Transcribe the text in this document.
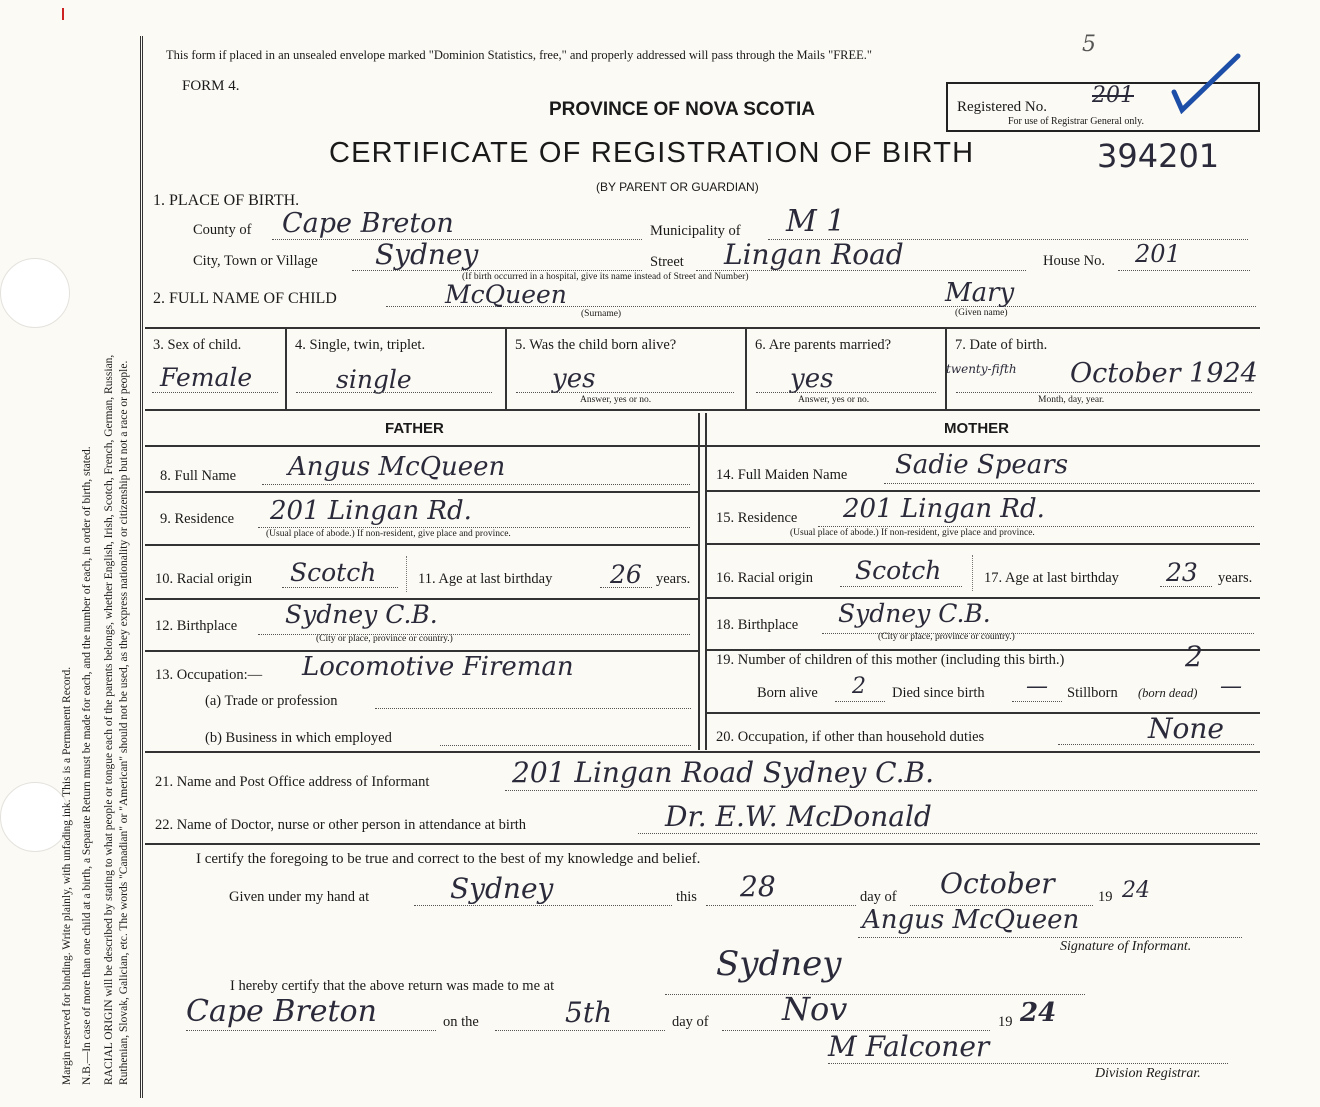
Margin reserved for binding. Write plainly, with unfading ink. This is a Permanent Record. N.B.—In case of more than one child at a birth, a Separate Return must be made for each, and the number of each, in order of birth, stated. RACIAL ORIGIN will be described by stating to what people or tongue each of the parents belongs, whether English, Irish, Scotch, French, German, Russian, Ruthenian, Slovak, Galician, etc. The words "Canadian" or "American" should not be used, as they express nationality or citizenship but not a race or people.
This form if placed in an unsealed envelope marked "Dominion Statistics, free," and properly addressed will pass through the Mails "FREE."
FORM 4.
PROVINCE OF NOVA SCOTIA
CERTIFICATE OF REGISTRATION OF BIRTH	394201
(BY PARENT OR GUARDIAN)
5
Registered No. 201
For use of Registrar General only.
1. PLACE OF BIRTH.
County of Cape Breton	Municipality of M 1
City, Town or Village Sydney	Street Lingan Road	House No. 201
(If birth occurred in a hospital, give its name instead of Street and Number)
2. FULL NAME OF CHILD	McQueen
(Surname)
Mary
(Given name)
3. Sex of child.
Female
4. Single, twin, triplet.
single
5. Was the child born alive?
yes
Answer, yes or no.
6. Are parents married?
yes
Answer, yes or no.
7. Date of birth.
twenty-fifth October 1924
Month, day, year.
FATHER	MOTHER
8. Full Name Angus McQueen
9. Residence 201 Lingan Rd.
(Usual place of abode.) If non-resident, give place and province.
10. Racial origin Scotch	11. Age at last birthday 26 years.
12. Birthplace Sydney C.B.
(City or place, province or country.)
13. Occupation:— Locomotive Fireman
(a) Trade or profession
(b) Business in which employed
14. Full Maiden Name Sadie Spears
15. Residence 201 Lingan Rd.
(Usual place of abode.) If non-resident, give place and province.
16. Racial origin Scotch	17. Age at last birthday 23 years.
18. Birthplace Sydney C.B.
(City or place, province or country.)
19. Number of children of this mother (including this birth.)	2
Born alive 2 Died since birth — Stillborn (born dead) —
20. Occupation, if other than household duties	None
21. Name and Post Office address of Informant	201 Lingan Road Sydney C.B.
22. Name of Doctor, nurse or other person in attendance at birth	Dr. E.W. McDonald
I certify the foregoing to be true and correct to the best of my knowledge and belief.
Given under my hand at	Sydney	this 28	day of October	19 24
Angus McQueen
Signature of Informant.
I hereby certify that the above return was made to me at
Sydney
Cape Breton	on the	5th	day of Nov	19 24
M Falconer
Division Registrar.
